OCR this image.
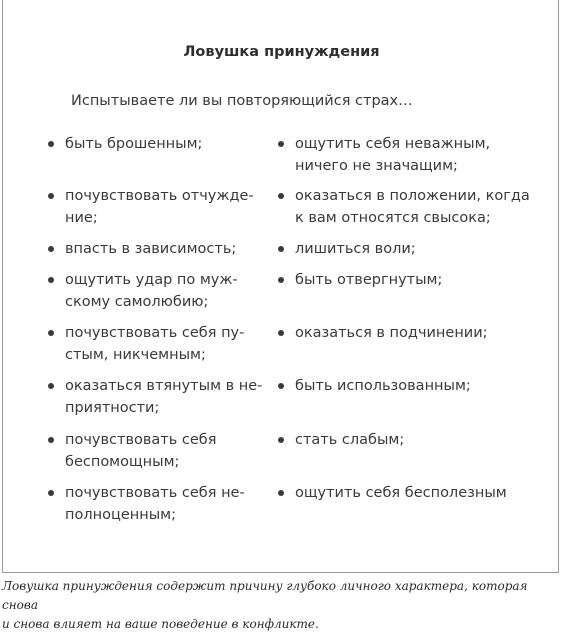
Ловушка принуждения
Испытываете ли вы повторяющийся страх…
быть брошенным;
почувствовать отчужде-
ние;
впасть в зависимость;
ощутить удар по муж-
скому самолюбию;
почувствовать себя пу-
стым, никчемным;
оказаться втянутым в не-
приятности;
почувствовать себя
беспомощным;
почувствовать себя не-
полноценным;
ощутить себя неважным,
ничего не значащим;
оказаться в положении, когда
к вам относятся свысока;
лишиться воли;
быть отвергнутым;
оказаться в подчинении;
быть использованным;
стать слабым;
ощутить себя бесполезным
Ловушка принуждения содержит причину глубоко личного характера, которая снова
и снова влияет на ваше поведение в конфликте.
